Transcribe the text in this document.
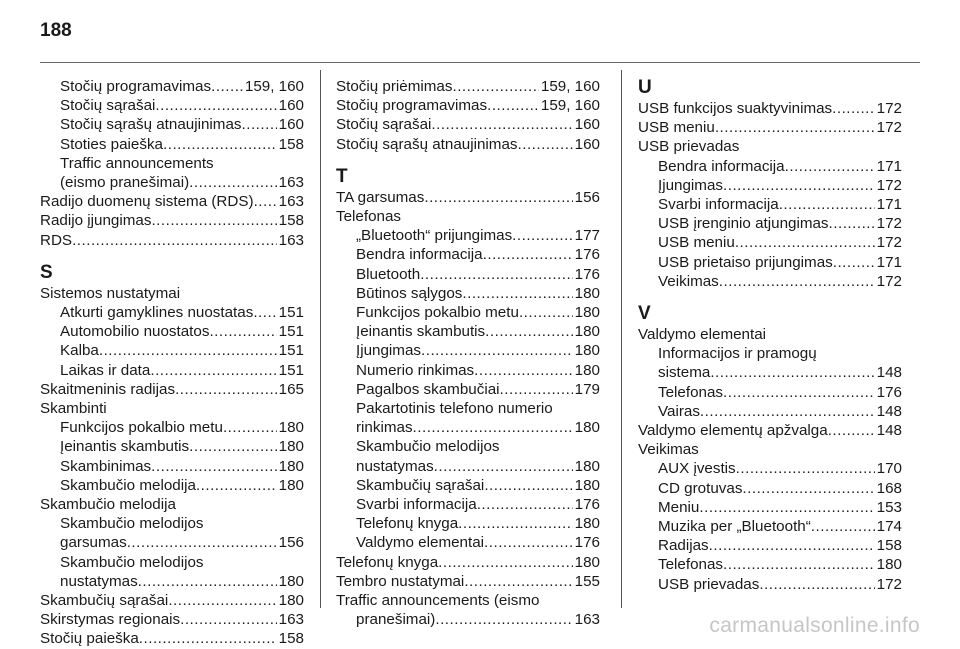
188
Stočių programavimas ..... 159, 160
Stočių sąrašai .....	160
Stočių sąrašų atnaujinimas ..... 160
Stoties paieška .....	158
Traffic announcements
(eismo pranešimai) .....	163
Radijo duomenų sistema (RDS) ..... 163
Radijo įjungimas .....	158
RDS .....	163
S
Sistemos nustatymai
Atkurti gamyklines nuostatas ..... 151
Automobilio nuostatos .....	151
Kalba .....	151
Laikas ir data .....	151
Skaitmeninis radijas .....	165
Skambinti
Funkcijos pokalbio metu .....	180
Įeinantis skambutis .....	180
Skambinimas .....	180
Skambučio melodija .....	180
Skambučio melodija
Skambučio melodijos
garsumas .....	156
Skambučio melodijos
nustatymas .....	180
Skambučių sąrašai .....	180
Skirstymas regionais .....	163
Stočių paieška .....	158
Stočių priėmimas .....	159, 160
Stočių programavimas .....	159, 160
Stočių sąrašai .....	160
Stočių sąrašų atnaujinimas .....	160
T
TA garsumas .....	156
Telefonas
„Bluetooth“ prijungimas .....	177
Bendra informacija .....	176
Bluetooth .....	176
Būtinos sąlygos .....	180
Funkcijos pokalbio metu .....	180
Įeinantis skambutis .....	180
Įjungimas .....	180
Numerio rinkimas .....	180
Pagalbos skambučiai .....	179
Pakartotinis telefono numerio
rinkimas .....	180
Skambučio melodijos
nustatymas .....	180
Skambučių sąrašai .....	180
Svarbi informacija .....	176
Telefonų knyga .....	180
Valdymo elementai .....	176
Telefonų knyga .....	180
Tembro nustatymai .....	155
Traffic announcements (eismo
pranešimai) .....	163
U
USB funkcijos suaktyvinimas .....	172
USB meniu .....	172
USB prievadas
Bendra informacija .....	171
Įjungimas .....	172
Svarbi informacija .....	171
USB įrenginio atjungimas .....	172
USB meniu .....	172
USB prietaiso prijungimas .....	171
Veikimas .....	172
V
Valdymo elementai
Informacijos ir pramogų
sistema .....	148
Telefonas .....	176
Vairas .....	148
Valdymo elementų apžvalga .....	148
Veikimas
AUX įvestis .....	170
CD grotuvas .....	168
Meniu .....	153
Muzika per „Bluetooth“ .....	174
Radijas .....	158
Telefonas .....	180
USB prievadas .....	172
carmanualsonline.info
